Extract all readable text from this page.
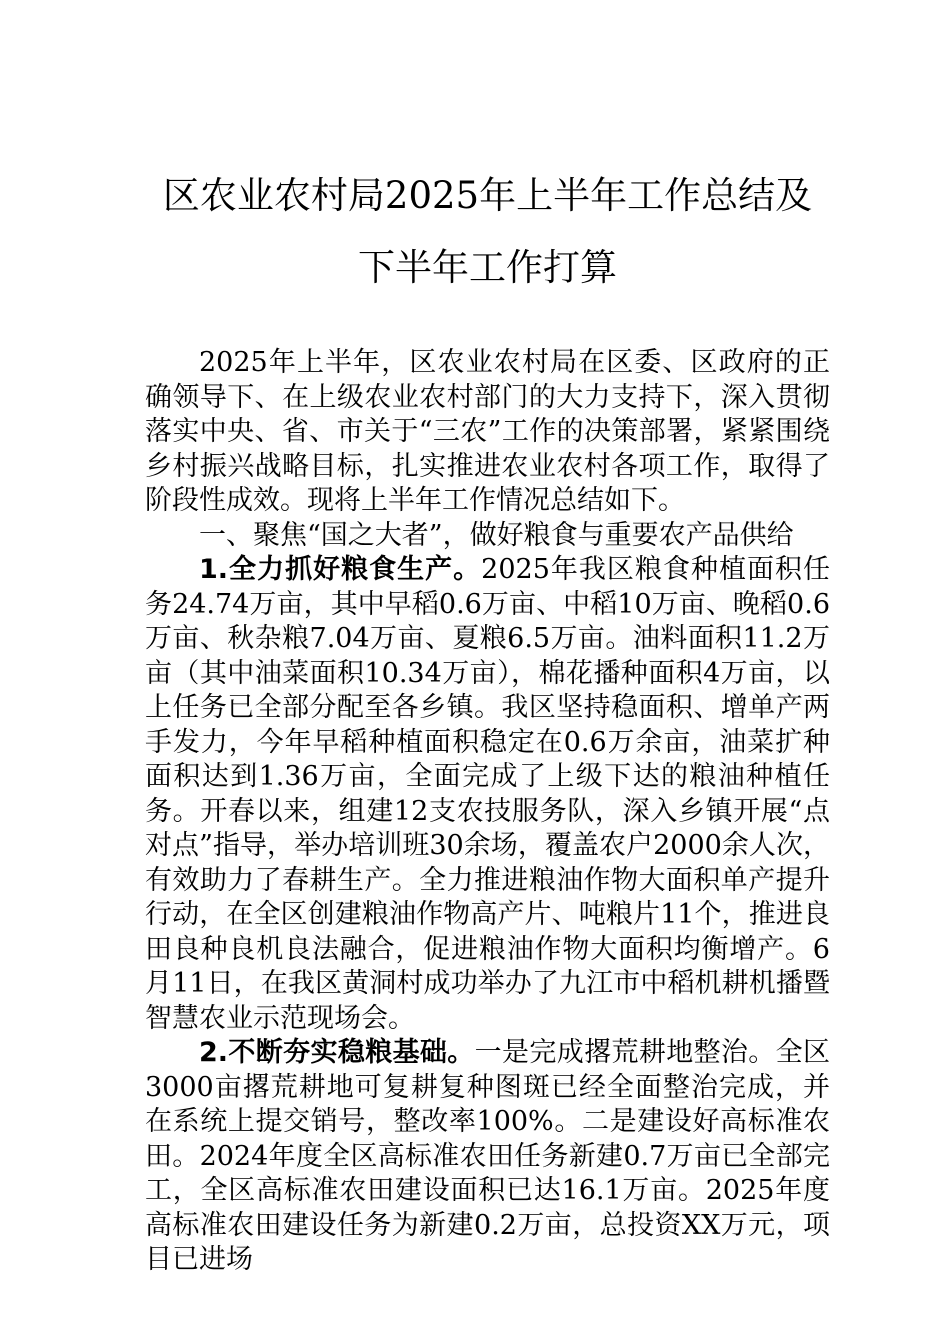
区农业农村局2025年上半年工作总结及下半年工作打算

2025年上半年，区农业农村局在区委、区政府的正确领导下、在上级农业农村部门的大力支持下，深入贯彻落实中央、省、市关于“三农”工作的决策部署，紧紧围绕乡村振兴战略目标，扎实推进农业农村各项工作，取得了阶段性成效。现将上半年工作情况总结如下。

一、聚焦“国之大者”，做好粮食与重要农产品供给

1.全力抓好粮食生产。2025年我区粮食种植面积任务24.74万亩，其中早稻0.6万亩、中稻10万亩、晚稻0.6万亩、秋杂粮7.04万亩、夏粮6.5万亩。油料面积11.2万亩（其中油菜面积10.34万亩），棉花播种面积4万亩，以上任务已全部分配至各乡镇。我区坚持稳面积、增单产两手发力，今年早稻种植面积稳定在0.6万余亩，油菜扩种面积达到1.36万亩，全面完成了上级下达的粮油种植任务。开春以来，组建12支农技服务队，深入乡镇开展“点对点”指导，举办培训班30余场，覆盖农户2000余人次，有效助力了春耕生产。全力推进粮油作物大面积单产提升行动，在全区创建粮油作物高产片、吨粮片11个，推进良田良种良机良法融合，促进粮油作物大面积均衡增产。6月11日，在我区黄洞村成功举办了九江市中稻机耕机播暨智慧农业示范现场会。

2.不断夯实稳粮基础。一是完成撂荒耕地整治。全区3000亩撂荒耕地可复耕复种图斑已经全面整治完成，并在系统上提交销号，整改率100%。二是建设好高标准农田。2024年度全区高标准农田任务新建0.7万亩已全部完工，全区高标准农田建设面积已达16.1万亩。2025年度高标准农田建设任务为新建0.2万亩，总投资XX万元，项目已进场
